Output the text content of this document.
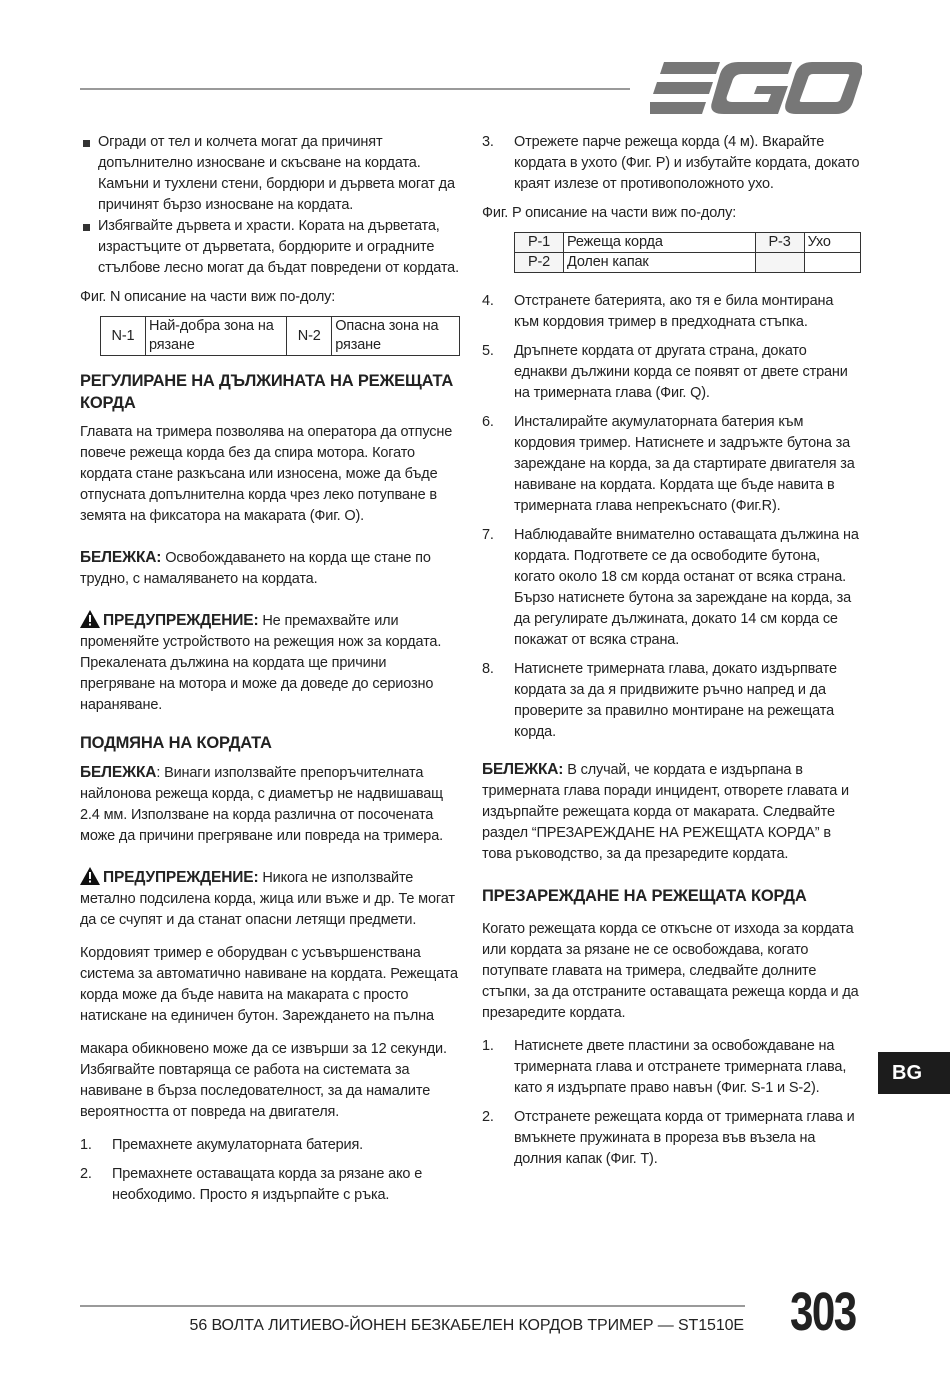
Огради от тел и колчета могат да причинят допълнително износване и скъсване на кордата. Камъни и тухлени стени, бордюри и дървета могат да причинят бързо износване на кордата.

Избягвайте дървета и храсти. Кората на дърветата, израстъците от дърветата, бордюрите и оградните стълбове лесно могат да бъдат повредени от кордата.

Фиг. N описание на части виж по-долу:

N-1	Най-добра зона на рязане	N-2	Опасна зона на рязане
РЕГУЛИРАНЕ НА ДЪЛЖИНАТА НА РЕЖЕЩАТА КОРДА

Главата на тримера позволява на оператора да отпусне повече режеща корда без да спира мотора. Когато кордата стане разкъсана или износена, може да бъде отпусната допълнителна корда чрез леко потупване в земята на фиксатора на макарата (Фиг. O).

БЕЛЕЖКА: Освобождаването на корда ще стане по трудно, с намаляването на кордата.

ПРЕДУПРЕЖДЕНИЕ: Не премахвайте или променяйте устройството на режещия нож за кордата. Прекалената дължина на кордата ще причини прегряване на мотора и може да доведе до сериозно нараняване.

ПОДМЯНА НА КОРДАТА

БЕЛЕЖКА: Винаги използвайте препоръчителната найлонова режеща корда, с диаметър не надвишаващ 2.4 мм. Използване на корда различна от посочената може да причини прегряване или повреда на тримера.

ПРЕДУПРЕЖДЕНИЕ: Никога не използвайте метално подсилена корда, жица или въже и др. Те могат да се счупят и да станат опасни летящи предмети.

Кордовият тример е оборудван с усъвършенствана система за автоматично навиване на кордата. Режещата корда може да бъде навита на макарата с просто натискане на единичен бутон. Зареждането на пълна

макара обикновено може да се извърши за 12 секунди. Избягвайте повтаряща се работа на системата за навиване в бърза последователност, за да намалите вероятността от повреда на двигателя.

1. Премахнете акумулаторната батерия.

2. Премахнете оставащата корда за рязане ако е необходимо. Просто я издърпайте с ръка.

3. Отрежете парче режеща корда (4 м). Вкарайте кордата в ухото (Фиг. P) и избутайте кордата, докато краят излезе от противоположното ухо.

Фиг. P описание на части виж по-долу:

P-1	Режеща корда	P-3	Ухо
P-2	Долен капак		

4. Отстранете батерията, ако тя е била монтирана към кордовия тример в предходната стъпка.

5. Дръпнете кордата от другата страна, докато еднакви дължини корда се появят от двете страни на тримерната глава (Фиг. Q).

6. Инсталирайте акумулаторната батерия към кордовия тример. Натиснете и задръжте бутона за зареждане на корда, за да стартирате двигателя за навиване на кордата. Кордата ще бъде навита в тримерната глава непрекъснато (Фиг.R).

7. Наблюдавайте внимателно оставащата дължина на кордата. Подгответе се да освободите бутона, когато около 18 см корда останат от всяка страна. Бързо натиснете бутона за зареждане на корда, за да регулирате дължината, докато 14 см корда се покажат от всяка страна.

8. Натиснете тримерната глава, докато издърпвате кордата за да я придвижите ръчно напред и да проверите за правилно монтиране на режещата корда.

БЕЛЕЖКА: В случай, че кордата е издърпана в тримерната глава поради инцидент, отворете главата и издърпайте режещата корда от макарата. Следвайте раздел “ПРЕЗАРЕЖДАНЕ НА РЕЖЕЩАТА КОРДА” в това ръководство, за да презаредите кордата.

ПРЕЗАРЕЖДАНЕ НА РЕЖЕЩАТА КОРДА

Когато режещата корда се откъсне от изхода за кордата или кордата за рязане не се освобождава, когато потупвате главата на тримера, следвайте долните стъпки, за да отстраните оставащата режеща корда и да презаредите кордата.

1. Натиснете двете пластини за освобождаване на тримерната глава и отстранете тримерната глава, като я издърпате право навън (Фиг. S-1 и S-2).

2. Отстранете режещата корда от тримерната глава и вмъкнете пружината в прореза във възела на долния капак (Фиг. T).

BG
56 ВОЛТА ЛИТИЕВО-ЙОНЕН БЕЗКАБЕЛЕН КОРДОВ ТРИМЕР — ST1510E 303
